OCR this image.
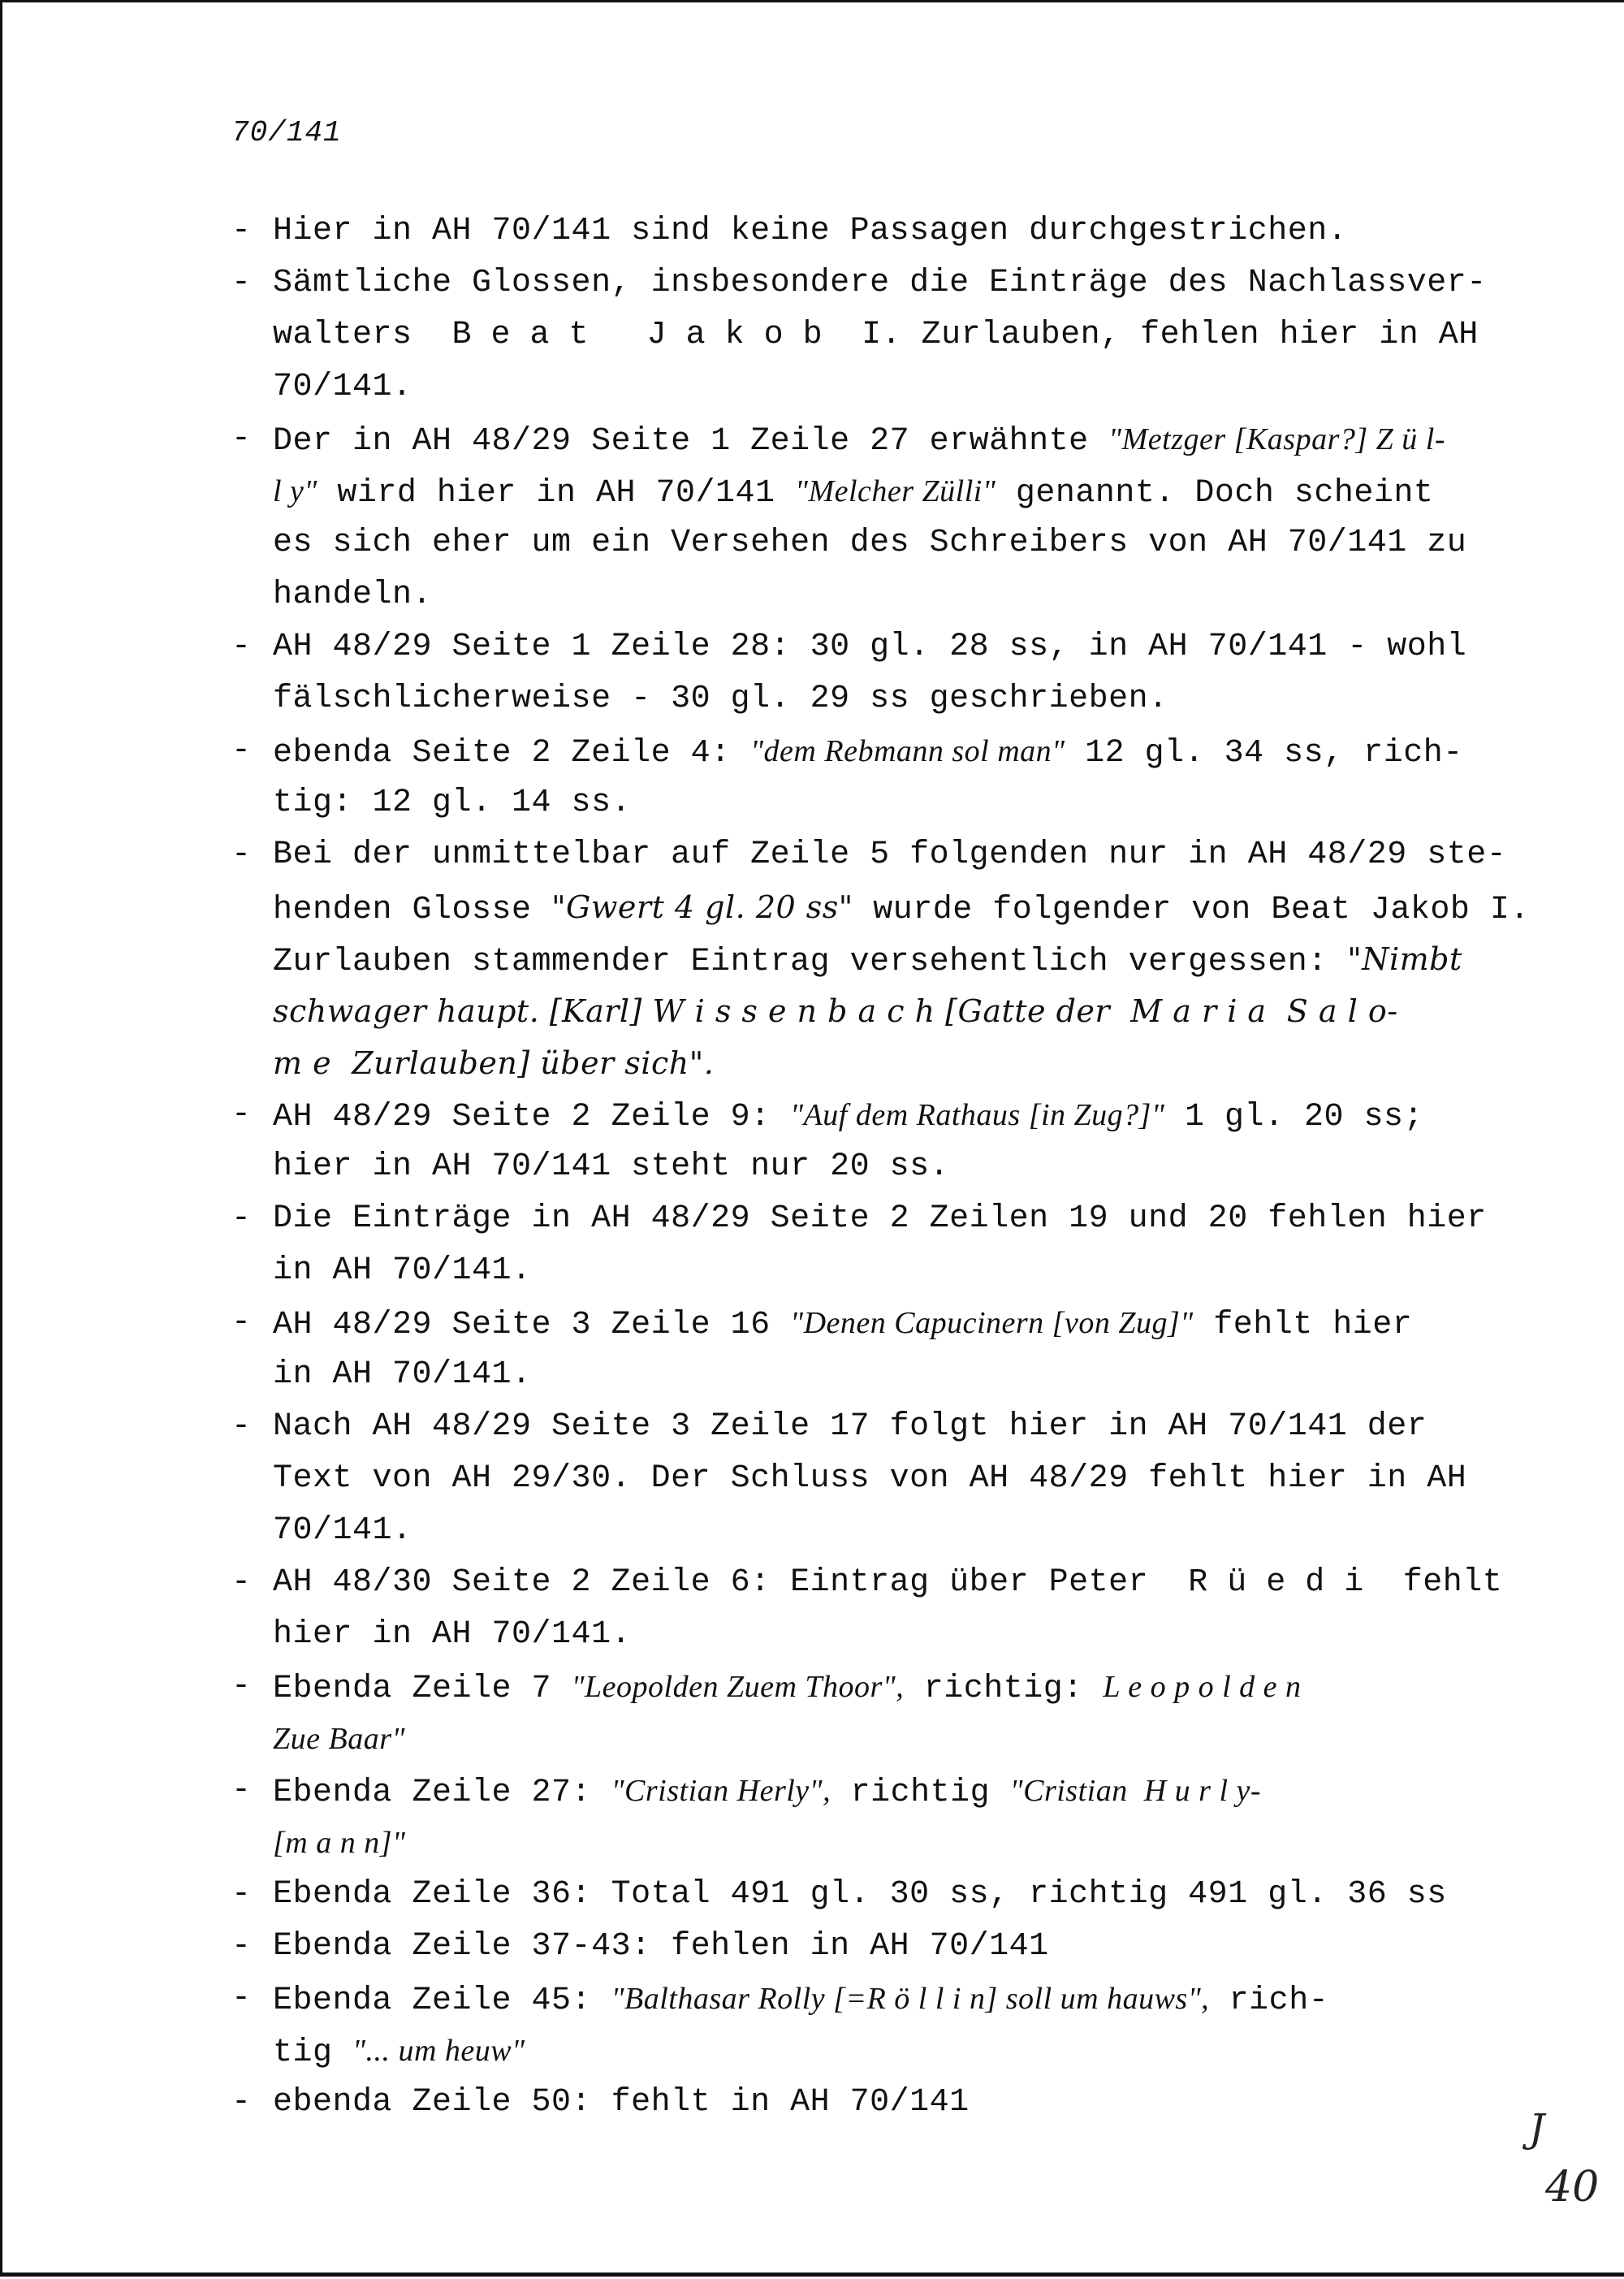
70/141
- Hier in AH 70/141 sind keine Passagen durchgestrichen.
- Sämtliche Glossen, insbesondere die Einträge des Nachlassver-
walters  Beat Jakob I. Zurlauben, fehlen hier in AH
70/141.
- Der in AH 48/29 Seite 1 Zeile 27 erwähnte "Metzger [Kaspar?] Z ü l-
l y" wird hier in AH 70/141 "Melcher Zülli" genannt. Doch scheint
es sich eher um ein Versehen des Schreibers von AH 70/141 zu
handeln.
- AH 48/29 Seite 1 Zeile 28: 30 gl. 28 ss, in AH 70/141 - wohl
fälschlicherweise - 30 gl. 29 ss geschrieben.
- ebenda Seite 2 Zeile 4: "dem Rebmann sol man" 12 gl. 34 ss, rich-
tig: 12 gl. 14 ss.
- Bei der unmittelbar auf Zeile 5 folgenden nur in AH 48/29 ste-
henden Glosse "Gwert 4 gl. 20 ss" wurde folgender von Beat Jakob I.
Zurlauben stammender Eintrag versehentlich vergessen: "Nimbt
schwager haupt. [Karl] W i s s e n b a c h [Gatte der  M a r i a  S a l o-
m e  Zurlauben] über sich".
- AH 48/29 Seite 2 Zeile 9: "Auf dem Rathaus [in Zug?]" 1 gl. 20 ss;
hier in AH 70/141 steht nur 20 ss.
- Die Einträge in AH 48/29 Seite 2 Zeilen 19 und 20 fehlen hier
in AH 70/141.
- AH 48/29 Seite 3 Zeile 16 "Denen Capucinern [von Zug]" fehlt hier
in AH 70/141.
- Nach AH 48/29 Seite 3 Zeile 17 folgt hier in AH 70/141 der
Text von AH 29/30. Der Schluss von AH 48/29 fehlt hier in AH
70/141.
- AH 48/30 Seite 2 Zeile 6: Eintrag über Peter  Rüedi fehlt
hier in AH 70/141.
- Ebenda Zeile 7 "Leopolden Zuem Thoor", richtig: L e o p o l d e n
Zue Baar"
- Ebenda Zeile 27: "Cristian Herly", richtig "Cristian  H u r l y-
[m a n n]"
- Ebenda Zeile 36: Total 491 gl. 30 ss, richtig 491 gl. 36 ss
- Ebenda Zeile 37-43: fehlen in AH 70/141
- Ebenda Zeile 45: "Balthasar Rolly [=R ö l l i n] soll um hauws", rich-
tig "... um heuw"
- ebenda Zeile 50: fehlt in AH 70/141
J
40
